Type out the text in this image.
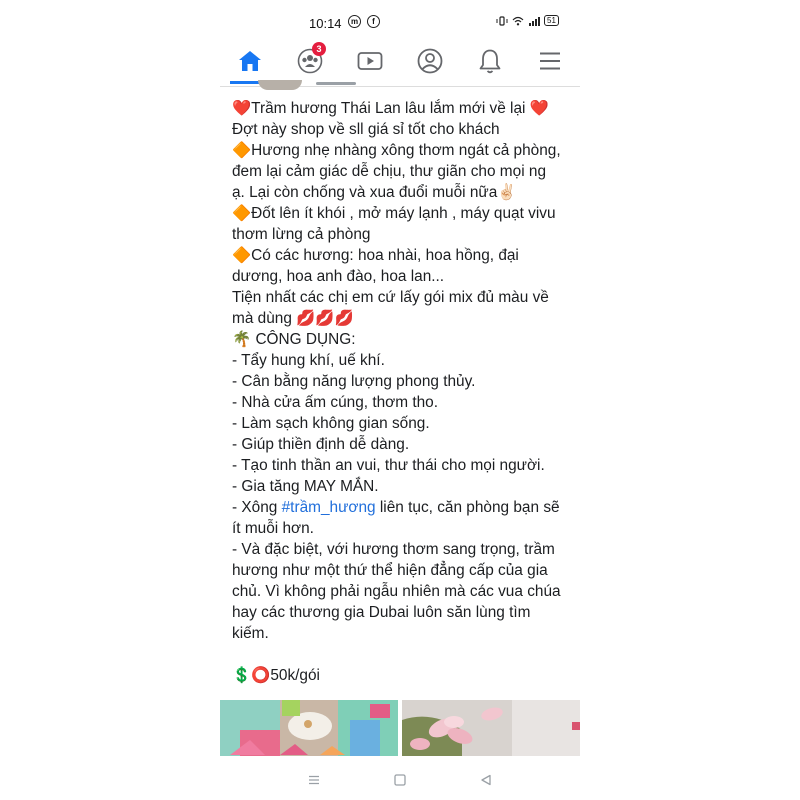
10:14	m	f	51
3
❤️Trầm hương Thái Lan lâu lắm mới về lại ❤️
Đợt này shop về sll giá sỉ tốt cho khách
🔶Hương nhẹ nhàng xông thơm ngát cả phòng,
đem lại cảm giác dễ chịu, thư giãn cho mọi ng
ạ. Lại còn chống và xua đuổi muỗi nữa✌🏻
🔶Đốt lên ít khói , mở máy lạnh , máy quạt vivu
thơm lừng cả phòng
🔶Có các hương: hoa nhài, hoa hồng, đại
dương, hoa anh đào, hoa lan...
Tiện nhất các chị em cứ lấy gói mix đủ màu về
mà dùng 💋💋💋
🌴 CÔNG DỤNG:
- Tẩy hung khí, uế khí.
- Cân bằng năng lượng phong thủy.
- Nhà cửa ấm cúng, thơm tho.
- Làm sạch không gian sống.
- Giúp thiền định dễ dàng.
- Tạo tinh thần an vui, thư thái cho mọi người.
- Gia tăng MAY MẮN.
- Xông #trầm_hương liên tục, căn phòng bạn sẽ
ít muỗi hơn.
- Và đặc biệt, với hương thơm sang trọng, trầm
hương như một thứ thể hiện đẳng cấp của gia
chủ. Vì không phải ngẫu nhiên mà các vua chúa
hay các thương gia Dubai luôn săn lùng tìm
kiếm.
💲⭕50k/gói
